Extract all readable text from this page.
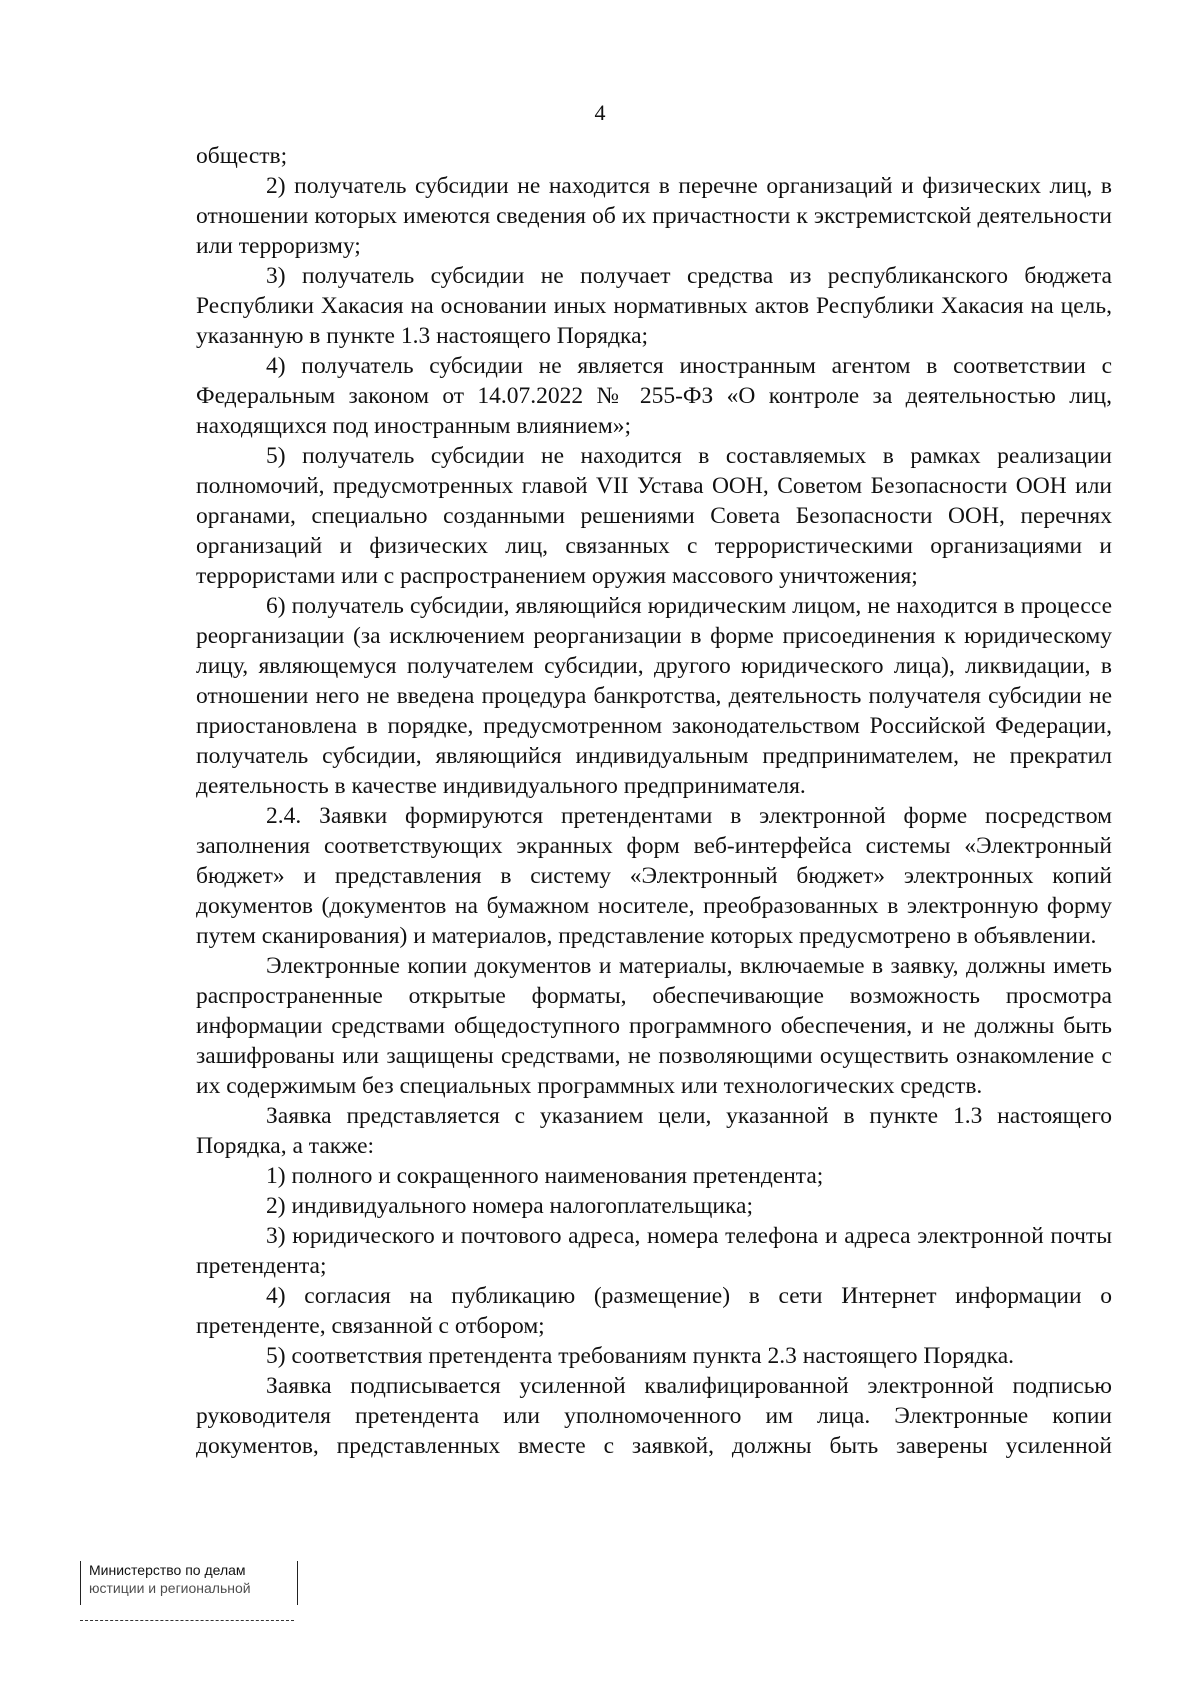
4

обществ;

2) получатель субсидии не находится в перечне организаций и физических лиц, в отношении которых имеются сведения об их причастности к экстремистской деятельности или терроризму;

3) получатель субсидии не получает средства из республиканского бюджета Республики Хакасия на основании иных нормативных актов Республики Хакасия на цель, указанную в пункте 1.3 настоящего Порядка;

4) получатель субсидии не является иностранным агентом в соответствии с Федеральным законом от 14.07.2022 № 255-ФЗ «О контроле за деятельностью лиц, находящихся под иностранным влиянием»;

5) получатель субсидии не находится в составляемых в рамках реализации полномочий, предусмотренных главой VII Устава ООН, Советом Безопасности ООН или органами, специально созданными решениями Совета Безопасности ООН, перечнях организаций и физических лиц, связанных с террористическими организациями и террористами или с распространением оружия массового уничтожения;

6) получатель субсидии, являющийся юридическим лицом, не находится в процессе реорганизации (за исключением реорганизации в форме присоединения к юридическому лицу, являющемуся получателем субсидии, другого юридического лица), ликвидации, в отношении него не введена процедура банкротства, деятельность получателя субсидии не приостановлена в порядке, предусмотренном законодательством Российской Федерации, получатель субсидии, являющийся индивидуальным предпринимателем, не прекратил деятельность в качестве индивидуального предпринимателя.

2.4. Заявки формируются претендентами в электронной форме посредством заполнения соответствующих экранных форм веб-интерфейса системы «Электронный бюджет» и представления в систему «Электронный бюджет» электронных копий документов (документов на бумажном носителе, преобразованных в электронную форму путем сканирования) и материалов, представление которых предусмотрено в объявлении.

Электронные копии документов и материалы, включаемые в заявку, должны иметь распространенные открытые форматы, обеспечивающие возможность просмотра информации средствами общедоступного программного обеспечения, и не должны быть зашифрованы или защищены средствами, не позволяющими осуществить ознакомление с их содержимым без специальных программных или технологических средств.

Заявка представляется с указанием цели, указанной в пункте 1.3 настоящего Порядка, а также:

1) полного и сокращенного наименования претендента;

2) индивидуального номера налогоплательщика;

3) юридического и почтового адреса, номера телефона и адреса электронной почты претендента;

4) согласия на публикацию (размещение) в сети Интернет информации о претенденте, связанной с отбором;

5) соответствия претендента требованиям пункта 2.3 настоящего Порядка.

Заявка подписывается усиленной квалифицированной электронной подписью руководителя претендента или уполномоченного им лица. Электронные копии документов, представленных вместе с заявкой, должны быть заверены усиленной

Министерство по делам
юстиции и региональной
